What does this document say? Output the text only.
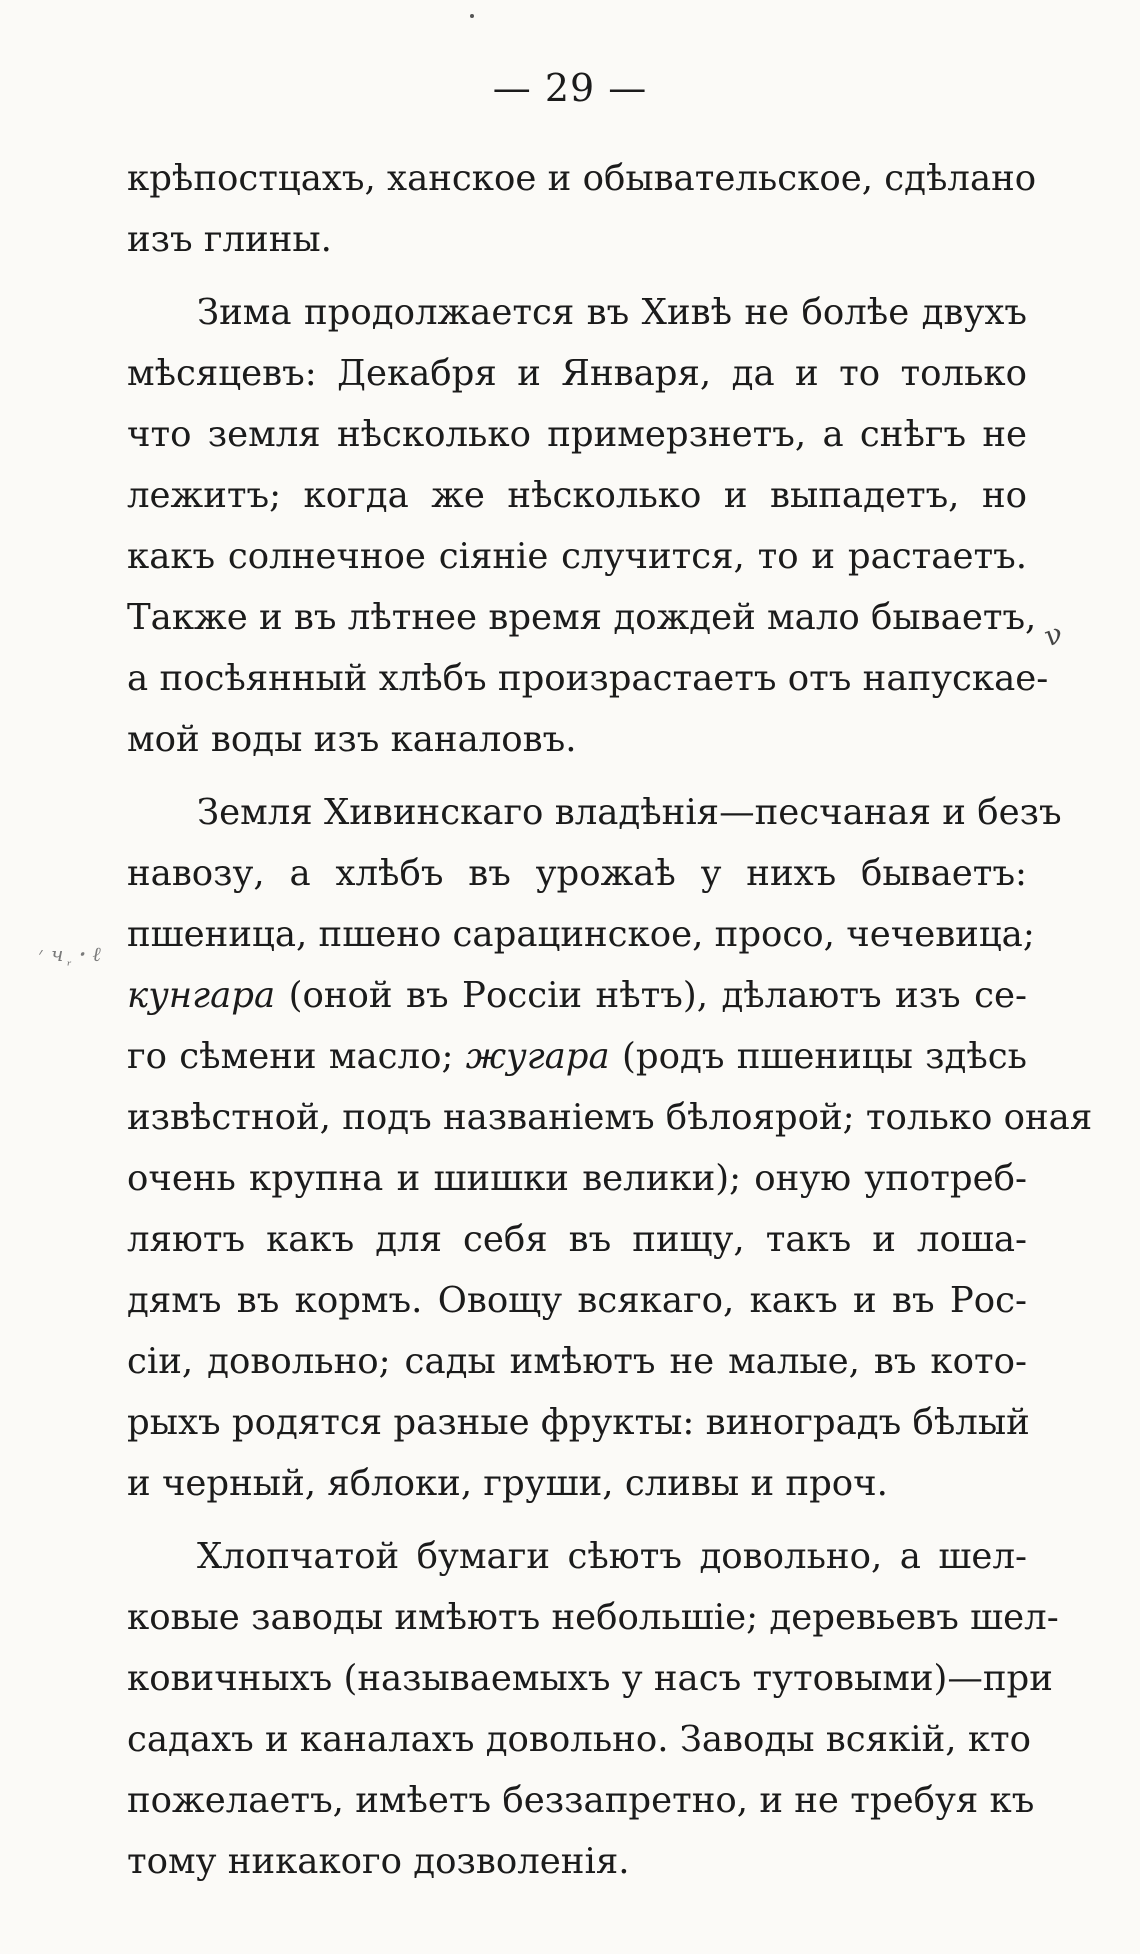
— 29 —
ν
׳ ч ᷊ ꞏ ℓ
крѣпостцахъ, ханское и обывательское, сдѣлано
изъ глины.
Зима продолжается въ Хивѣ не болѣе двухъ
мѣсяцевъ: Декабря и Января, да и то только
что земля нѣсколько примерзнетъ, а снѣгъ не
лежитъ; когда же нѣсколько и выпадетъ, но
какъ солнечное сіяніе случится, то и растаетъ.
Также и въ лѣтнее время дождей мало бываетъ,
а посѣянный хлѣбъ произрастаетъ отъ напускае-
мой воды изъ каналовъ.
Земля Хивинскаго владѣнія—песчаная и безъ
навозу, а хлѣбъ въ урожаѣ у нихъ бываетъ:
пшеница, пшено сарацинское, просо, чечевица;
кунгара (оной въ Россіи нѣтъ), дѣлаютъ изъ се-
го сѣмени масло; жугара (родъ пшеницы здѣсь
извѣстной, подъ названіемъ бѣлоярой; только оная
очень крупна и шишки велики); оную употреб-
ляютъ какъ для себя въ пищу, такъ и лоша-
дямъ въ кормъ. Овощу всякаго, какъ и въ Рос-
сіи, довольно; сады имѣютъ не малые, въ кото-
рыхъ родятся разные фрукты: виноградъ бѣлый
и черный, яблоки, груши, сливы и проч.
Хлопчатой бумаги сѣютъ довольно, а шел-
ковые заводы имѣютъ небольшіе; деревьевъ шел-
ковичныхъ (называемыхъ у насъ тутовыми)—при
садахъ и каналахъ довольно. Заводы всякій, кто
пожелаетъ, имѣетъ беззапретно, и не требуя къ
тому никакого дозволенія.
